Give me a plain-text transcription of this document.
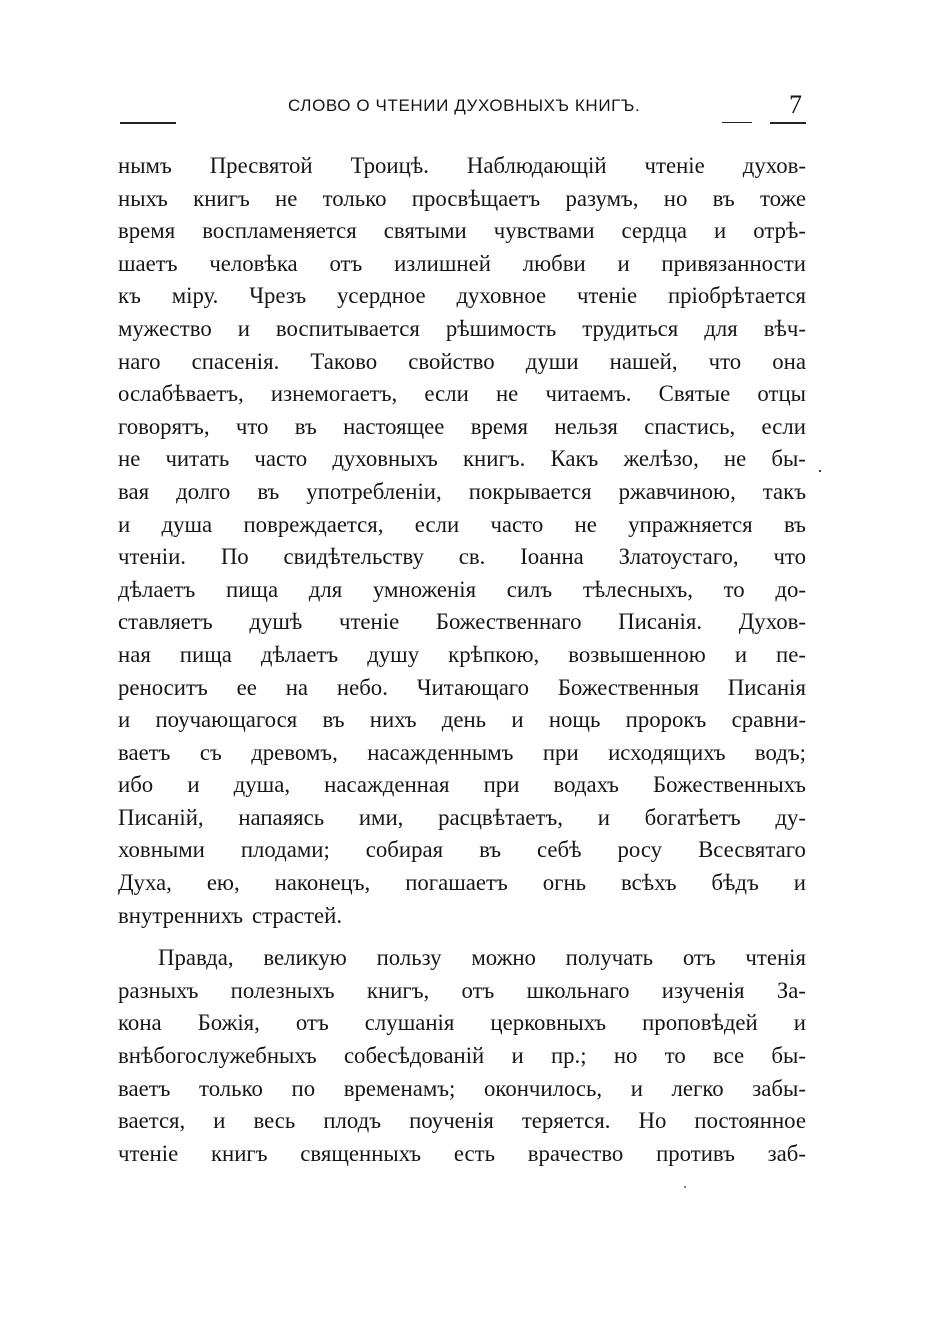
СЛОВО О ЧТЕНИИ ДУХОВНЫХЪ КНИГЪ.	7
нымъ Пресвятой Троицѣ. Наблюдающій чтеніе духов-
ныхъ книгъ не только просвѣщаетъ разумъ, но въ тоже
время воспламеняется святыми чувствами сердца и отрѣ-
шаетъ человѣка отъ излишней любви и привязанности
къ міру. Чрезъ усердное духовное чтеніе пріобрѣтается
мужество и воспитывается рѣшимость трудиться для вѣч-
наго спасенія. Таково свойство души нашей, что она
ослабѣваетъ, изнемогаетъ, если не читаемъ. Святые отцы
говорятъ, что въ настоящее время нельзя спастись, если
не читать часто духовныхъ книгъ. Какъ желѣзо, не бы-
вая долго въ употребленіи, покрывается ржавчиною, такъ
и душа повреждается, если часто не упражняется въ
чтеніи. По свидѣтельству св. Іоанна Златоустаго, что
дѣлаетъ пища для умноженія силъ тѣлесныхъ, то до-
ставляетъ душѣ чтеніе Божественнаго Писанія. Духов-
ная пища дѣлаетъ душу крѣпкою, возвышенною и пе-
реноситъ ее на небо. Читающаго Божественныя Писанія
и поучающагося въ нихъ день и нощь пророкъ сравни-
ваетъ съ древомъ, насажденнымъ при исходящихъ водъ;
ибо и душа, насажденная при водахъ Божественныхъ
Писаній, напаяясь ими, расцвѣтаетъ, и богатѣетъ ду-
ховными плодами; собирая въ себѣ росу Всесвятаго
Духа, ею, наконецъ, погашаетъ огнь всѣхъ бѣдъ и
внутреннихъ страстей.
Правда, великую пользу можно получать отъ чтенія
разныхъ полезныхъ книгъ, отъ школьнаго изученія За-
кона Божія, отъ слушанія церковныхъ проповѣдей и
внѣбогослужебныхъ собесѣдованій и пр.; но то все бы-
ваетъ только по временамъ; окончилось, и легко забы-
вается, и весь плодъ поученія теряется. Но постоянное
чтеніе книгъ священныхъ есть врачество противъ заб-
·
